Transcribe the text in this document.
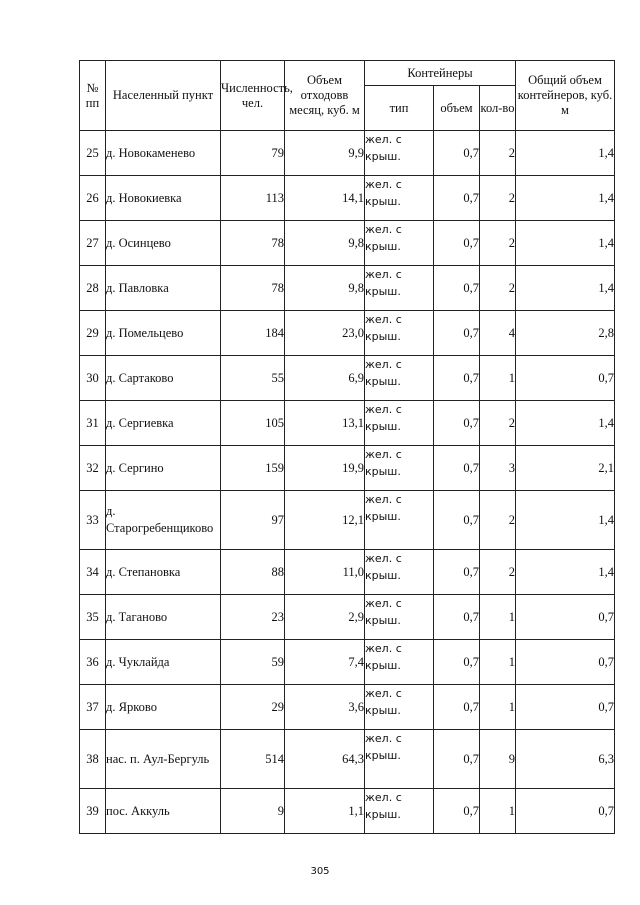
№ пп	Населенный пункт	Численность, чел.	Объем отходовв месяц, куб. м	Контейнеры			Общий объем контейнеров, куб. м
				тип	объем	кол-во	
25	д. Новокаменево	79	9,9	жел. с крыш.	0,7	2	1,4
26	д. Новокиевка	113	14,1	жел. с крыш.	0,7	2	1,4
27	д. Осинцево	78	9,8	жел. с крыш.	0,7	2	1,4
28	д. Павловка	78	9,8	жел. с крыш.	0,7	2	1,4
29	д. Помельцево	184	23,0	жел. с крыш.	0,7	4	2,8
30	д. Сартаково	55	6,9	жел. с крыш.	0,7	1	0,7
31	д. Сергиевка	105	13,1	жел. с крыш.	0,7	2	1,4
32	д. Сергино	159	19,9	жел. с крыш.	0,7	3	2,1
33	д. Старогребенщиково	97	12,1	жел. с крыш.	0,7	2	1,4
34	д. Степановка	88	11,0	жел. с крыш.	0,7	2	1,4
35	д. Таганово	23	2,9	жел. с крыш.	0,7	1	0,7
36	д. Чуклайда	59	7,4	жел. с крыш.	0,7	1	0,7
37	д. Ярково	29	3,6	жел. с крыш.	0,7	1	0,7
38	нас. п. Аул-Бергуль	514	64,3	жел. с крыш.	0,7	9	6,3
39	пос. Аккуль	9	1,1	жел. с крыш.	0,7	1	0,7
305
